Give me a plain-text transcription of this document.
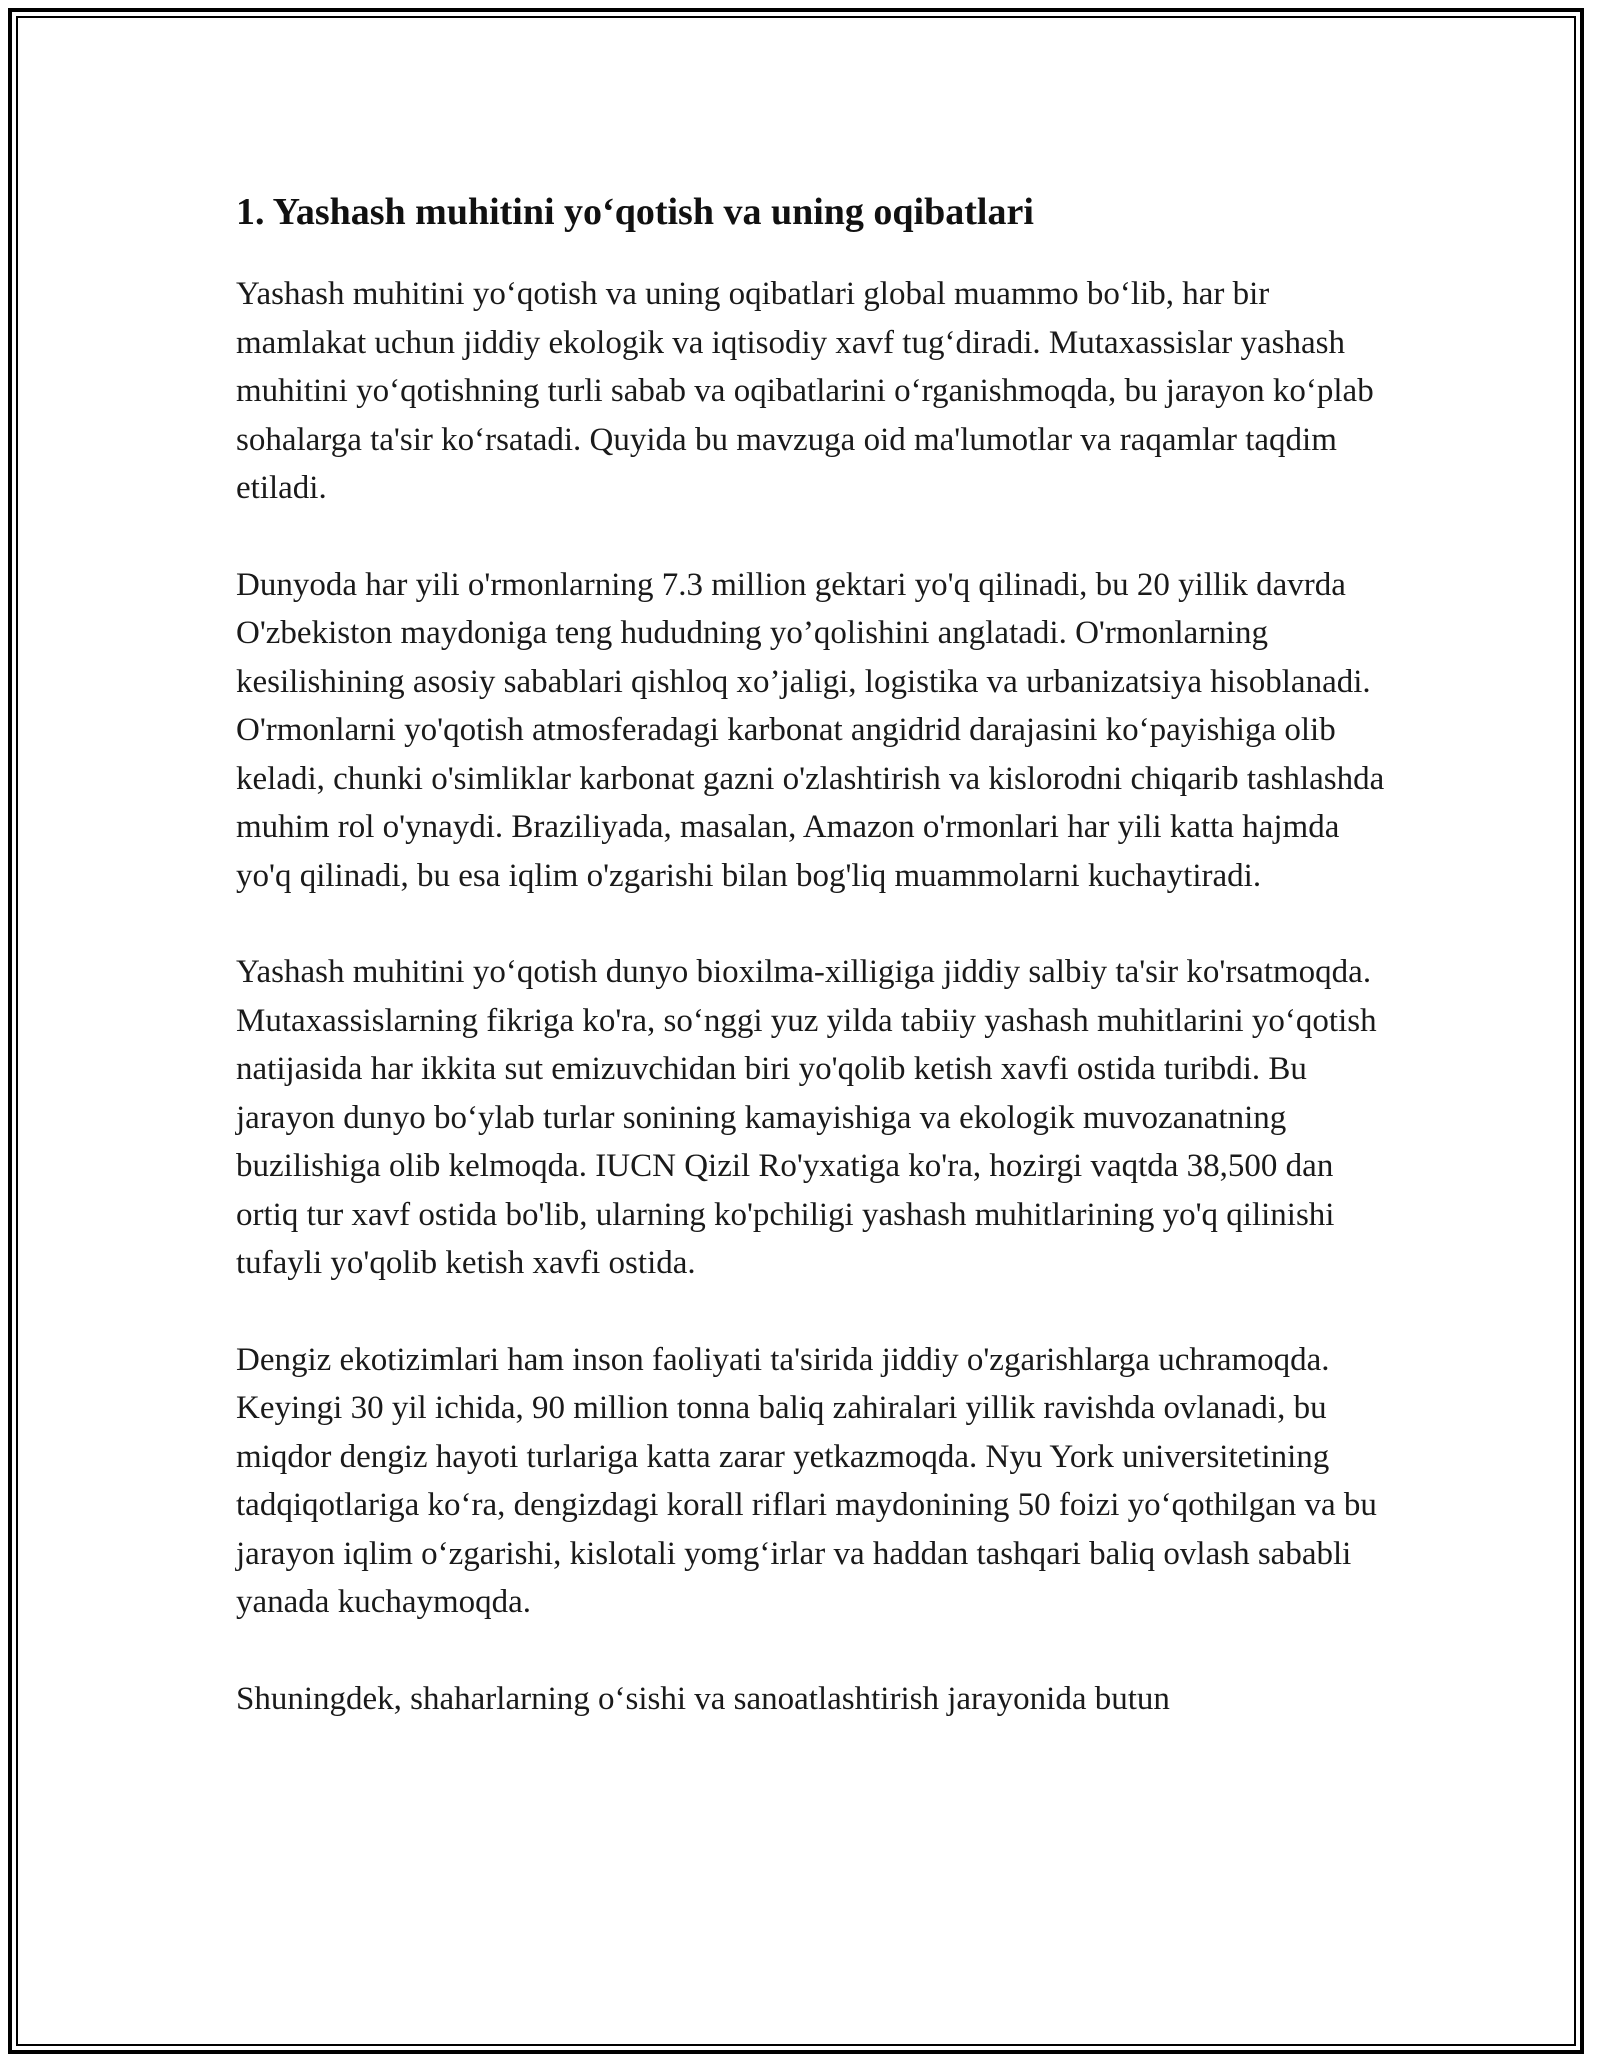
1. Yashash muhitini yo‘qotish va uning oqibatlari

Yashash muhitini yo‘qotish va uning oqibatlari global muammo bo‘lib, har bir mamlakat uchun jiddiy ekologik va iqtisodiy xavf tug‘diradi. Mutaxassislar yashash muhitini yo‘qotishning turli sabab va oqibatlarini o‘rganishmoqda, bu jarayon ko‘plab sohalarga ta'sir ko‘rsatadi. Quyida bu mavzuga oid ma'lumotlar va raqamlar taqdim etiladi.

Dunyoda har yili o'rmonlarning 7.3 million gektari yo'q qilinadi, bu 20 yillik davrda O'zbekiston maydoniga teng hududning yo’qolishini anglatadi. O'rmonlarning kesilishining asosiy sabablari qishloq xo’jaligi, logistika va urbanizatsiya hisoblanadi. O'rmonlarni yo'qotish atmosferadagi karbonat angidrid darajasini ko‘payishiga olib keladi, chunki o'simliklar karbonat gazni o'zlashtirish va kislorodni chiqarib tashlashda muhim rol o'ynaydi. Braziliyada, masalan, Amazon o'rmonlari har yili katta hajmda yo'q qilinadi, bu esa iqlim o'zgarishi bilan bog'liq muammolarni kuchaytiradi.

Yashash muhitini yo‘qotish dunyo bioxilma-xilligiga jiddiy salbiy ta'sir ko'rsatmoqda. Mutaxassislarning fikriga ko'ra, so‘nggi yuz yilda tabiiy yashash muhitlarini yo‘qotish natijasida har ikkita sut emizuvchidan biri yo'qolib ketish xavfi ostida turibdi. Bu jarayon dunyo bo‘ylab turlar sonining kamayishiga va ekologik muvozanatning buzilishiga olib kelmoqda. IUCN Qizil Ro'yxatiga ko'ra, hozirgi vaqtda 38,500 dan ortiq tur xavf ostida bo'lib, ularning ko'pchiligi yashash muhitlarining yo'q qilinishi tufayli yo'qolib ketish xavfi ostida.

Dengiz ekotizimlari ham inson faoliyati ta'sirida jiddiy o'zgarishlarga uchramoqda. Keyingi 30 yil ichida, 90 million tonna baliq zahiralari yillik ravishda ovlanadi, bu miqdor dengiz hayoti turlariga katta zarar yetkazmoqda. Nyu York universitetining tadqiqotlariga ko‘ra, dengizdagi korall riflari maydonining 50 foizi yo‘qothilgan va bu jarayon iqlim o‘zgarishi, kislotali yomg‘irlar va haddan tashqari baliq ovlash sababli yanada kuchaymoqda.

Shuningdek, shaharlarning o‘sishi va sanoatlashtirish jarayonida butun
